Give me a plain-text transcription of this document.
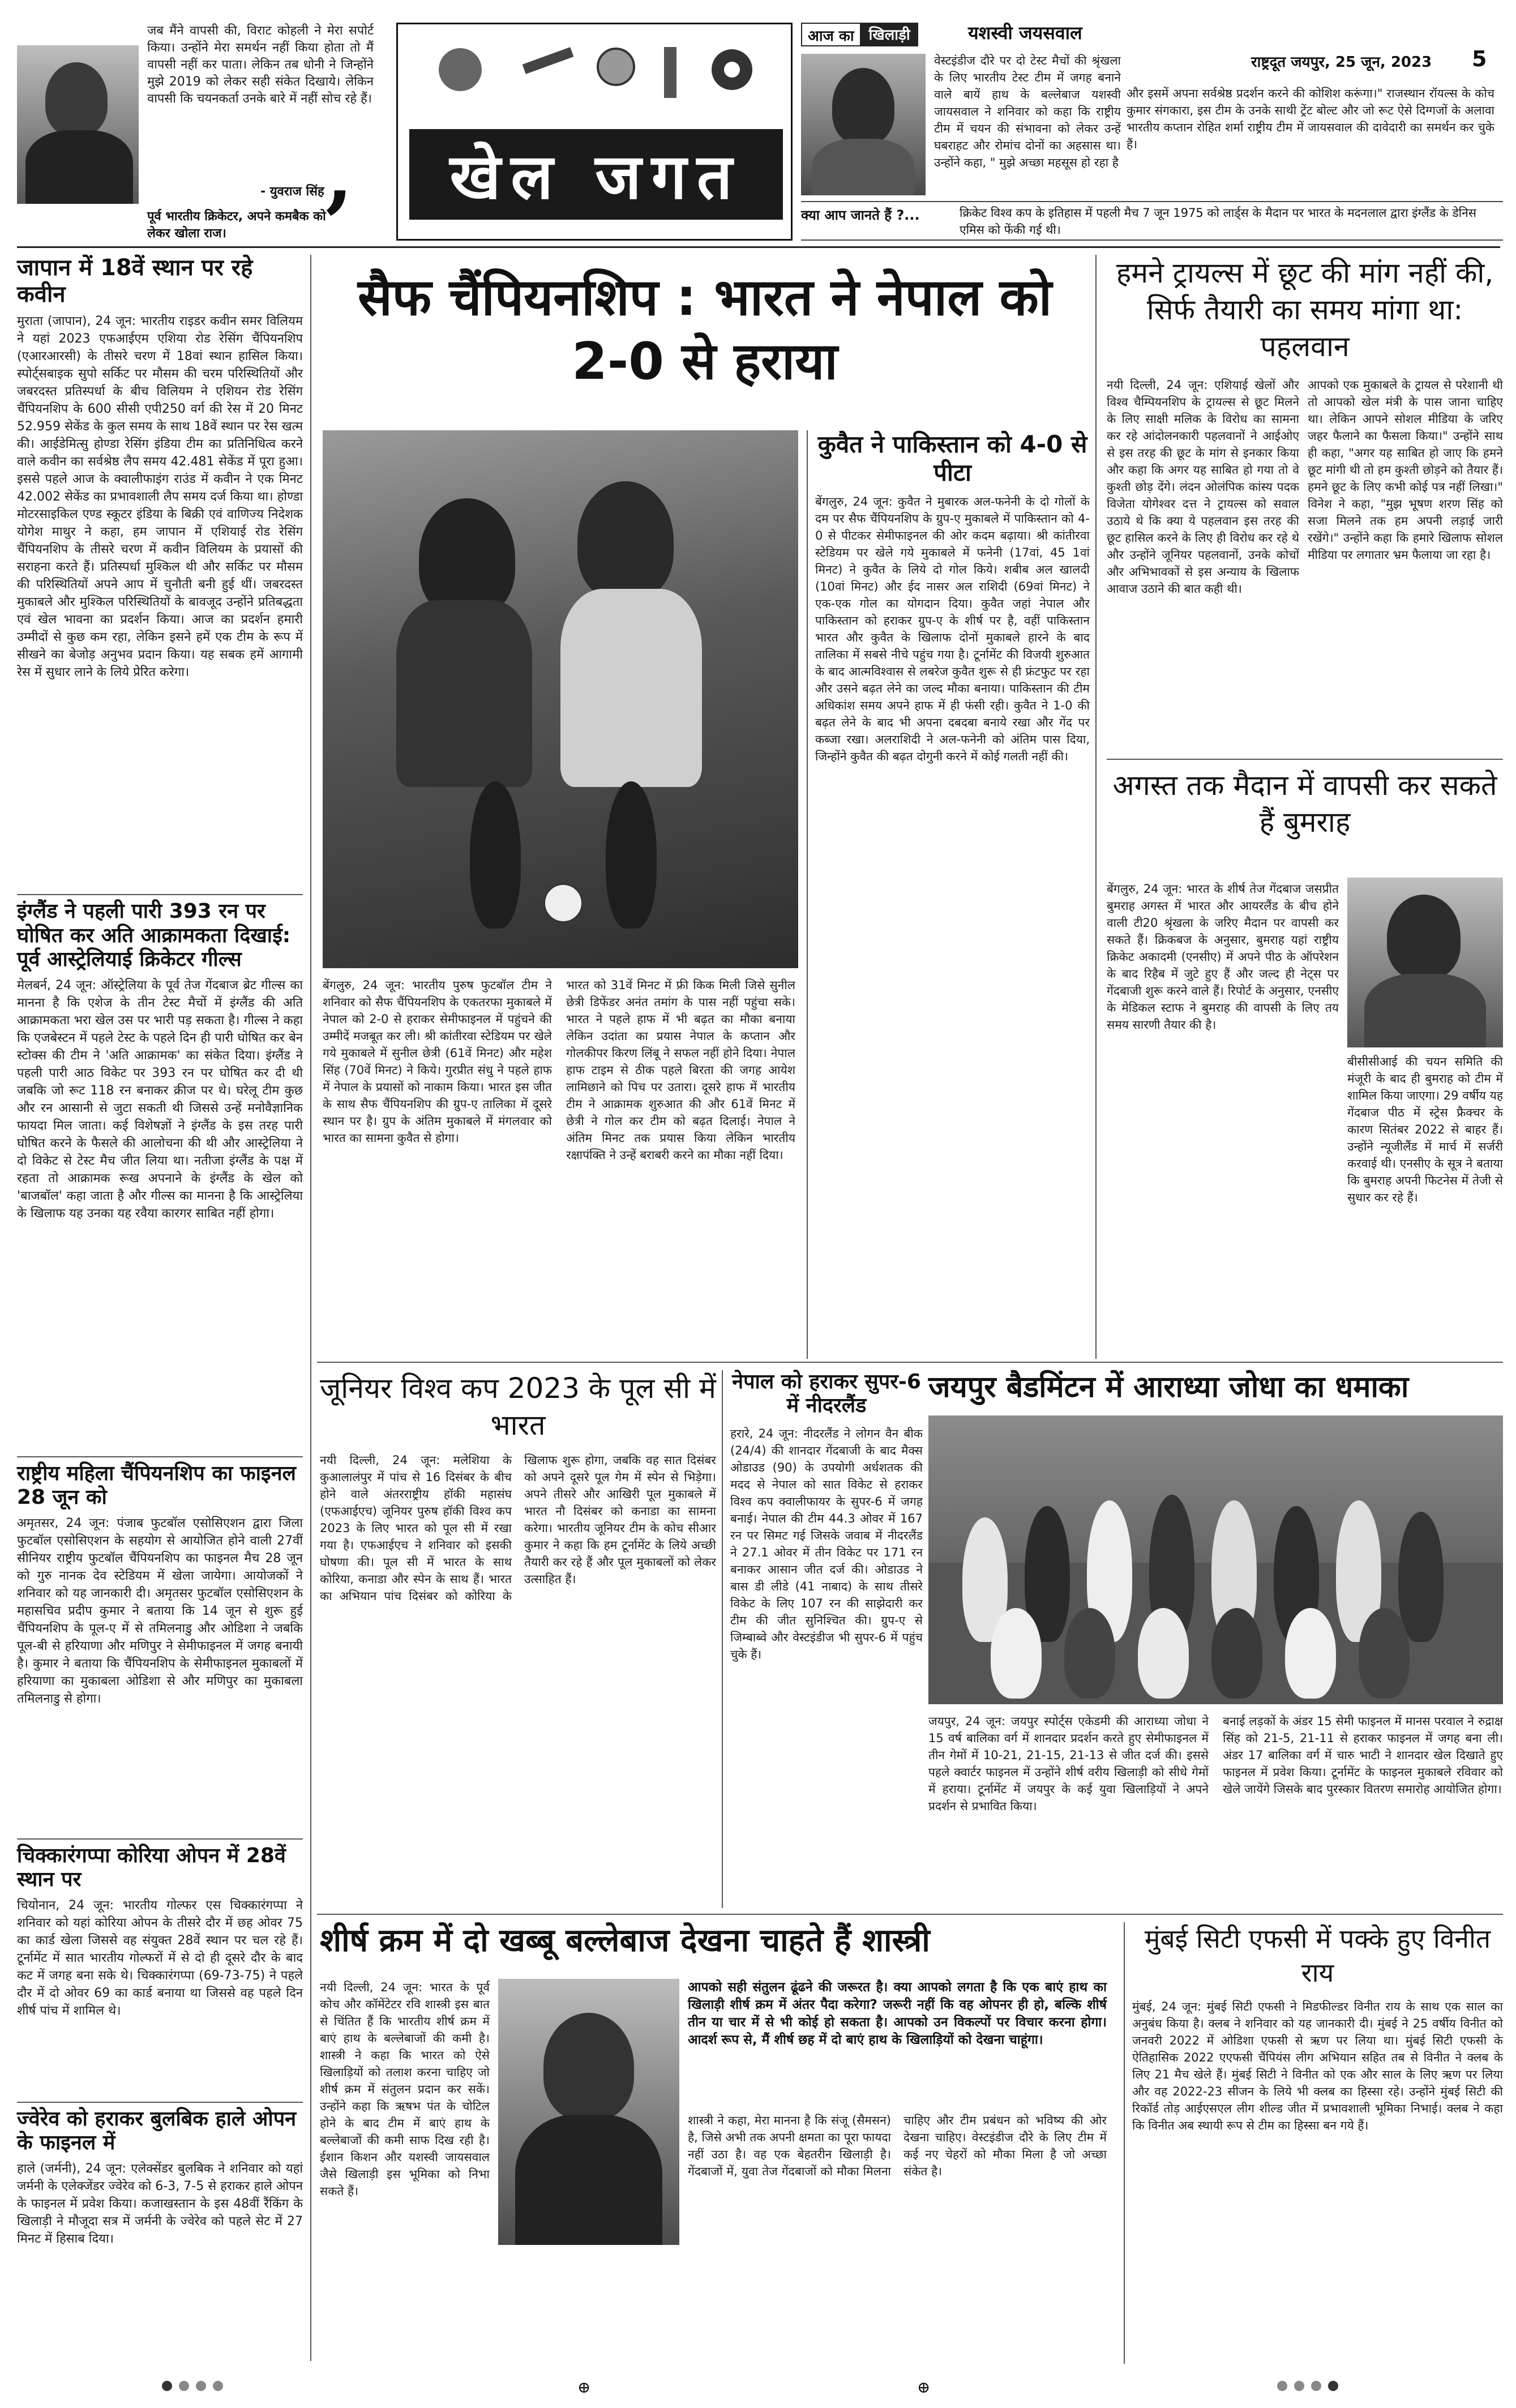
जब मैंने वापसी की, विराट कोहली ने मेरा सपोर्ट किया। उन्होंने मेरा समर्थन नहीं किया होता तो मैं वापसी नहीं कर पाता। लेकिन तब धोनी ने जिन्होंने मुझे 2019 को लेकर सही संकेत दिखाये। लेकिन वापसी कि चयनकर्ता उनके बारे में नहीं सोच रहे हैं।
- युवराज सिंह
पूर्व भारतीय क्रिकेटर, अपने कमबैक को लेकर खोला राज।
,	खेल जगत
आज का	खिलाड़ी	यशस्वी जयसवाल
वेस्टइंडीज दौरे पर दो टेस्ट मैचों की श्रृंखला के लिए भारतीय टेस्ट टीम में जगह बनाने वाले बायें हाथ के बल्लेबाज यशस्वी जायसवाल ने शनिवार को कहा कि राष्ट्रीय टीम में चयन की संभावना को लेकर उन्हें घबराहट और रोमांच दोनों का अहसास था। उन्होंने कहा, " मुझे अच्छा महसूस हो रहा है
और इसमें अपना सर्वश्रेष्ठ प्रदर्शन करने की कोशिश करूंगा।" राजस्थान रॉयल्स के कोच कुमार संगकारा, इस टीम के उनके साथी ट्रेंट बोल्ट और जो रूट ऐसे दिग्गजों के अलावा भारतीय कप्तान रोहित शर्मा राष्ट्रीय टीम में जायसवाल की दावेदारी का समर्थन कर चुके हैं।
राष्ट्रदूत जयपुर, 25 जून, 2023 5
क्या आप जानते हैं ?...	क्रिकेट विश्व कप के इतिहास में पहली मैच 7 जून 1975 को लार्ड्स के मैदान पर भारत के मदनलाल द्वारा इंग्लैंड के डेनिस एमिस को फेंकी गई थी।
जापान में 18वें स्थान पर रहे कवीन
मुराता (जापान), 24 जून: भारतीय राइडर कवीन समर विलियम ने यहां 2023 एफआईएम एशिया रोड रेसिंग चैंपियनशिप (एआरआरसी) के तीसरे चरण में 18वां स्थान हासिल किया। स्पोर्ट्सबाइक सुपो सर्किट पर मौसम की चरम परिस्थितियों और जबरदस्त प्रतिस्पर्धा के बीच विलियम ने एशियन रोड रेसिंग चैंपियनशिप के 600 सीसी एपी250 वर्ग की रेस में 20 मिनट 52.959 सेकेंड के कुल समय के साथ 18वें स्थान पर रेस खत्म की। आईडेमित्सु होण्डा रेसिंग इंडिया टीम का प्रतिनिधित्व करने वाले कवीन का सर्वश्रेष्ठ लैप समय 42.481 सेकेंड में पूरा हुआ। इससे पहले आज के क्वालीफाइंग राउंड में कवीन ने एक मिनट 42.002 सेकेंड का प्रभावशाली लैप समय दर्ज किया था। होण्डा मोटरसाइकिल एण्ड स्कूटर इंडिया के बिक्री एवं वाणिज्य निदेशक योगेश माथुर ने कहा, हम जापान में एशियाई रोड रेसिंग चैंपियनशिप के तीसरे चरण में कवीन विलियम के प्रयासों की सराहना करते हैं। प्रतिस्पर्धा मुश्किल थी और सर्किट पर मौसम की परिस्थितियों अपने आप में चुनौती बनी हुई थीं। जबरदस्त मुकाबले और मुश्किल परिस्थितियों के बावजूद उन्होंने प्रतिबद्धता एवं खेल भावना का प्रदर्शन किया। आज का प्रदर्शन हमारी उम्मीदों से कुछ कम रहा, लेकिन इसने हमें एक टीम के रूप में सीखने का बेजोड़ अनुभव प्रदान किया। यह सबक हमें आगामी रेस में सुधार लाने के लिये प्रेरित करेगा।
इंग्लैंड ने पहली पारी 393 रन पर घोषित कर अति आक्रामकता दिखाई: पूर्व आस्ट्रेलियाई क्रिकेटर गील्स
मेलबर्न, 24 जून: ऑस्ट्रेलिया के पूर्व तेज गेंदबाज ब्रेट गील्स का मानना है कि एशेज के तीन टेस्ट मैचों में इंग्लैंड की अति आक्रामकता भरा खेल उस पर भारी पड़ सकता है। गील्स ने कहा कि एजबेस्टन में पहले टेस्ट के पहले दिन ही पारी घोषित कर बेन स्टोक्स की टीम ने 'अति आक्रामक' का संकेत दिया। इंग्लैंड ने पहली पारी आठ विकेट पर 393 रन पर घोषित कर दी थी जबकि जो रूट 118 रन बनाकर क्रीज पर थे। घरेलू टीम कुछ और रन आसानी से जुटा सकती थी जिससे उन्हें मनोवैज्ञानिक फायदा मिल जाता। कई विशेषज्ञों ने इंग्लैंड के इस तरह पारी घोषित करने के फैसले की आलोचना की थी और आस्ट्रेलिया ने दो विकेट से टेस्ट मैच जीत लिया था। नतीजा इंग्लैंड के पक्ष में रहता तो आक्रामक रूख अपनाने के इंग्लैंड के खेल को 'बाजबॉल' कहा जाता है और गील्स का मानना है कि आस्ट्रेलिया के खिलाफ यह उनका यह रवैया कारगर साबित नहीं होगा।
राष्ट्रीय महिला चैंपियनशिप का फाइनल 28 जून को
अमृतसर, 24 जून: पंजाब फुटबॉल एसोसिएशन द्वारा जिला फुटबॉल एसोसिएशन के सहयोग से आयोजित होने वाली 27वीं सीनियर राष्ट्रीय फुटबॉल चैंपियनशिप का फाइनल मैच 28 जून को गुरु नानक देव स्टेडियम में खेला जायेगा। आयोजकों ने शनिवार को यह जानकारी दी। अमृतसर फुटबॉल एसोसिएशन के महासचिव प्रदीप कुमार ने बताया कि 14 जून से शुरू हुई चैंपियनशिप के पूल-ए में से तमिलनाडु और ओडिशा ने जबकि पूल-बी से हरियाणा और मणिपुर ने सेमीफाइनल में जगह बनायी है। कुमार ने बताया कि चैंपियनशिप के सेमीफाइनल मुकाबलों में हरियाणा का मुकाबला ओडिशा से और मणिपुर का मुकाबला तमिलनाडु से होगा।
चिक्कारंगप्पा कोरिया ओपन में 28वें स्थान पर
चियोनान, 24 जून: भारतीय गोल्फर एस चिक्कारंगप्पा ने शनिवार को यहां कोरिया ओपन के तीसरे दौर में छह ओवर 75 का कार्ड खेला जिससे वह संयुक्त 28वें स्थान पर चल रहे हैं। टूर्नामेंट में सात भारतीय गोल्फरों में से दो ही दूसरे दौर के बाद कट में जगह बना सके थे। चिक्कारंगप्पा (69-73-75) ने पहले दौर में दो ओवर 69 का कार्ड बनाया था जिससे वह पहले दिन शीर्ष पांच में शामिल थे।
ज्वेरेव को हराकर बुलबिक हाले ओपन के फाइनल में
हाले (जर्मनी), 24 जून: एलेक्सेंडर बुलबिक ने शनिवार को यहां जर्मनी के एलेक्जेंडर ज्वेरेव को 6-3, 7-5 से हराकर हाले ओपन के फाइनल में प्रवेश किया। कजाखस्तान के इस 48वीं रैंकिंग के खिलाड़ी ने मौजूदा सत्र में जर्मनी के ज्वेरेव को पहले सेट में 27 मिनट में हिसाब दिया।
सैफ चैंपियनशिप : भारत ने नेपाल को 2-0 से हराया
बेंगलुरु, 24 जून: भारतीय पुरुष फुटबॉल टीम ने शनिवार को सैफ चैंपियनशिप के एकतरफा मुकाबले में नेपाल को 2-0 से हराकर सेमीफाइनल में पहुंचने की उम्मीदें मजबूत कर ली। श्री कांतीरवा स्टेडियम पर खेले गये मुकाबले में सुनील छेत्री (61वें मिनट) और महेश सिंह (70वें मिनट) ने किये। गुरप्रीत संधु ने पहले हाफ में नेपाल के प्रयासों को नाकाम किया। भारत इस जीत के साथ सैफ चैंपियनशिप की ग्रुप-ए तालिका में दूसरे स्थान पर है। ग्रुप के अंतिम मुकाबले में मंगलवार को भारत का सामना कुवैत से होगा।
भारत को 31वें मिनट में फ्री किक मिली जिसे सुनील छेत्री डिफेंडर अनंत तमांग के पास नहीं पहुंचा सके। भारत ने पहले हाफ में भी बढ़त का मौका बनाया लेकिन उदांता का प्रयास नेपाल के कप्तान और गोलकीपर किरण लिंबू ने सफल नहीं होने दिया। नेपाल हाफ टाइम से ठीक पहले बिरता की जगह आयेश लामिछाने को पिच पर उतारा। दूसरे हाफ में भारतीय टीम ने आक्रामक शुरुआत की और 61वें मिनट में छेत्री ने गोल कर टीम को बढ़त दिलाई। नेपाल ने अंतिम मिनट तक प्रयास किया लेकिन भारतीय रक्षापंक्ति ने उन्हें बराबरी करने का मौका नहीं दिया।
कुवैत ने पाकिस्तान को 4-0 से पीटा
बेंगलुरु, 24 जून: कुवैत ने मुबारक अल-फनेनी के दो गोलों के दम पर सैफ चैंपियनशिप के ग्रुप-ए मुकाबले में पाकिस्तान को 4-0 से पीटकर सेमीफाइनल की ओर कदम बढ़ाया। श्री कांतीरवा स्टेडियम पर खेले गये मुकाबले में फनेनी (17वां, 45 1वां मिनट) ने कुवैत के लिये दो गोल किये। शबीब अल खालदी (10वां मिनट) और ईद नासर अल राशिदी (69वां मिनट) ने एक-एक गोल का योगदान दिया। कुवैत जहां नेपाल और पाकिस्तान को हराकर ग्रुप-ए के शीर्ष पर है, वहीं पाकिस्तान भारत और कुवैत के खिलाफ दोनों मुकाबले हारने के बाद तालिका में सबसे नीचे पहुंच गया है। टूर्नामेंट की विजयी शुरुआत के बाद आत्मविश्वास से लबरेज कुवैत शुरू से ही फ्रंटफुट पर रहा और उसने बढ़त लेने का जल्द मौका बनाया। पाकिस्तान की टीम अधिकांश समय अपने हाफ में ही फंसी रही। कुवैत ने 1-0 की बढ़त लेने के बाद भी अपना दबदबा बनाये रखा और गेंद पर कब्जा रखा। अलराशिदी ने अल-फनेनी को अंतिम पास दिया, जिन्होंने कुवैत की बढ़त दोगुनी करने में कोई गलती नहीं की।
हमने ट्रायल्स में छूट की मांग नहीं की, सिर्फ तैयारी का समय मांगा था: पहलवान
नयी दिल्ली, 24 जून: एशियाई खेलों और विश्व चैम्पियनशिप के ट्रायल्स से छूट मिलने के लिए साक्षी मलिक के विरोध का सामना कर रहे आंदोलनकारी पहलवानों ने आईओए से इस तरह की छूट के मांग से इनकार किया और कहा कि अगर यह साबित हो गया तो वे कुश्ती छोड़ देंगे। लंदन ओलंपिक कांस्य पदक विजेता योगेश्वर दत्त ने ट्रायल्स को सवाल उठाये थे कि क्या ये पहलवान इस तरह की छूट हासिल करने के लिए ही विरोध कर रहे थे और उन्होंने जूनियर पहलवानों, उनके कोचों और अभिभावकों से इस अन्याय के खिलाफ आवाज उठाने की बात कही थी।
आपको एक मुकाबले के ट्रायल से परेशानी थी तो आपको खेल मंत्री के पास जाना चाहिए था। लेकिन आपने सोशल मीडिया के जरिए जहर फैलाने का फैसला किया।" उन्होंने साथ ही कहा, "अगर यह साबित हो जाए कि हमने छूट मांगी थी तो हम कुश्ती छोड़ने को तैयार हैं। हमने छूट के लिए कभी कोई पत्र नहीं लिखा।" विनेश ने कहा, "मुझ भूषण शरण सिंह को सजा मिलने तक हम अपनी लड़ाई जारी रखेंगे।" उन्होंने कहा कि हमारे खिलाफ सोशल मीडिया पर लगातार भ्रम फैलाया जा रहा है।
अगस्त तक मैदान में वापसी कर सकते हैं बुमराह
बेंगलुरु, 24 जून: भारत के शीर्ष तेज गेंदबाज जसप्रीत बुमराह अगस्त में भारत और आयरलैंड के बीच होने वाली टी20 श्रृंखला के जरिए मैदान पर वापसी कर सकते हैं। क्रिकबज के अनुसार, बुमराह यहां राष्ट्रीय क्रिकेट अकादमी (एनसीए) में अपने पीठ के ऑपरेशन के बाद रिहैब में जुटे हुए हैं और जल्द ही नेट्स पर गेंदबाजी शुरू करने वाले हैं। रिपोर्ट के अनुसार, एनसीए के मेडिकल स्टाफ ने बुमराह की वापसी के लिए तय समय सारणी तैयार की है।
बीसीसीआई की चयन समिति की मंजूरी के बाद ही बुमराह को टीम में शामिल किया जाएगा। 29 वर्षीय यह गेंदबाज पीठ में स्ट्रेस फ्रैक्चर के कारण सितंबर 2022 से बाहर हैं। उन्होंने न्यूजीलैंड में मार्च में सर्जरी करवाई थी। एनसीए के सूत्र ने बताया कि बुमराह अपनी फिटनेस में तेजी से सुधार कर रहे हैं।
जूनियर विश्व कप 2023 के पूल सी में भारत
नयी दिल्ली, 24 जून: मलेशिया के कुआलालंपुर में पांच से 16 दिसंबर के बीच होने वाले अंतरराष्ट्रीय हॉकी महासंघ (एफआईएच) जूनियर पुरुष हॉकी विश्व कप 2023 के लिए भारत को पूल सी में रखा गया है। एफआईएच ने शनिवार को इसकी घोषणा की। पूल सी में भारत के साथ कोरिया, कनाडा और स्पेन के साथ हैं। भारत का अभियान पांच दिसंबर को कोरिया के खिलाफ शुरू होगा, जबकि वह सात दिसंबर को अपने दूसरे पूल गेम में स्पेन से भिड़ेगा। अपने तीसरे और आखिरी पूल मुकाबले में भारत नौ दिसंबर को कनाडा का सामना करेगा। भारतीय जूनियर टीम के कोच सीआर कुमार ने कहा कि हम टूर्नामेंट के लिये अच्छी तैयारी कर रहे हैं और पूल मुकाबलों को लेकर उत्साहित हैं।
नेपाल को हराकर सुपर-6 में नीदरलैंड
हरारे, 24 जून: नीदरलैंड ने लोगन वैन बीक (24/4) की शानदार गेंदबाजी के बाद मैक्स ओडाउड (90) के उपयोगी अर्धशतक की मदद से नेपाल को सात विकेट से हराकर विश्व कप क्वालीफायर के सुपर-6 में जगह बनाई। नेपाल की टीम 44.3 ओवर में 167 रन पर सिमट गई जिसके जवाब में नीदरलैंड ने 27.1 ओवर में तीन विकेट पर 171 रन बनाकर आसान जीत दर्ज की। ओडाउड ने बास डी लीडे (41 नाबाद) के साथ तीसरे विकेट के लिए 107 रन की साझेदारी कर टीम की जीत सुनिश्चित की। ग्रुप-ए से जिम्बाब्वे और वेस्टइंडीज भी सुपर-6 में पहुंच चुके हैं।
जयपुर बैडमिंटन में आराध्या जोधा का धमाका
जयपुर, 24 जून: जयपुर स्पोर्ट्स एकेडमी की आराध्या जोधा ने 15 वर्ष बालिका वर्ग में शानदार प्रदर्शन करते हुए सेमीफाइनल में तीन गेमों में 10-21, 21-15, 21-13 से जीत दर्ज की। इससे पहले क्वार्टर फाइनल में उन्होंने शीर्ष वरीय खिलाड़ी को सीधे गेमों में हराया। टूर्नामेंट में जयपुर के कई युवा खिलाड़ियों ने अपने प्रदर्शन से प्रभावित किया।
बनाई लड़कों के अंडर 15 सेमी फाइनल में मानस परवाल ने रुद्राक्ष सिंह को 21-5, 21-11 से हराकर फाइनल में जगह बना ली। अंडर 17 बालिका वर्ग में चारु भाटी ने शानदार खेल दिखाते हुए फाइनल में प्रवेश किया। टूर्नामेंट के फाइनल मुकाबले रविवार को खेले जायेंगे जिसके बाद पुरस्कार वितरण समारोह आयोजित होगा।
शीर्ष क्रम में दो खब्बू बल्लेबाज देखना चाहते हैं शास्त्री
नयी दिल्ली, 24 जून: भारत के पूर्व कोच और कॉमेंटेटर रवि शास्त्री इस बात से चिंतित हैं कि भारतीय शीर्ष क्रम में बाएं हाथ के बल्लेबाजों की कमी है। शास्त्री ने कहा कि भारत को ऐसे खिलाड़ियों को तलाश करना चाहिए जो शीर्ष क्रम में संतुलन प्रदान कर सकें। उन्होंने कहा कि ऋषभ पंत के चोटिल होने के बाद टीम में बाएं हाथ के बल्लेबाजों की कमी साफ दिख रही है। ईशान किशन और यशस्वी जायसवाल जैसे खिलाड़ी इस भूमिका को निभा सकते हैं।
आपको सही संतुलन ढूंढने की जरूरत है। क्या आपको लगता है कि एक बाएं हाथ का खिलाड़ी शीर्ष क्रम में अंतर पैदा करेगा? जरूरी नहीं कि वह ओपनर ही हो, बल्कि शीर्ष तीन या चार में से भी कोई हो सकता है। आपको उन विकल्पों पर विचार करना होगा। आदर्श रूप से, मैं शीर्ष छह में दो बाएं हाथ के खिलाड़ियों को देखना चाहूंगा।
शास्त्री ने कहा, मेरा मानना है कि संजू (सैमसन) है, जिसे अभी तक अपनी क्षमता का पूरा फायदा नहीं उठा है। वह एक बेहतरीन खिलाड़ी है। गेंदबाजों में, युवा तेज गेंदबाजों को मौका मिलना चाहिए और टीम प्रबंधन को भविष्य की ओर देखना चाहिए। वेस्टइंडीज दौरे के लिए टीम में कई नए चेहरों को मौका मिला है जो अच्छा संकेत है।
मुंबई सिटी एफसी में पक्के हुए विनीत राय
मुंबई, 24 जून: मुंबई सिटी एफसी ने मिडफील्डर विनीत राय के साथ एक साल का अनुबंध किया है। क्लब ने शनिवार को यह जानकारी दी। मुंबई ने 25 वर्षीय विनीत को जनवरी 2022 में ओडिशा एफसी से ऋण पर लिया था। मुंबई सिटी एफसी के ऐतिहासिक 2022 एएफसी चैंपियंस लीग अभियान सहित तब से विनीत ने क्लब के लिए 21 मैच खेले हैं। मुंबई सिटी ने विनीत को एक और साल के लिए ऋण पर लिया और वह 2022-23 सीजन के लिये भी क्लब का हिस्सा रहे। उन्होंने मुंबई सिटी की रिकॉर्ड तोड़ आईएसएल लीग शील्ड जीत में प्रभावशाली भूमिका निभाई। क्लब ने कहा कि विनीत अब स्थायी रूप से टीम का हिस्सा बन गये हैं।
⊕	⊕
